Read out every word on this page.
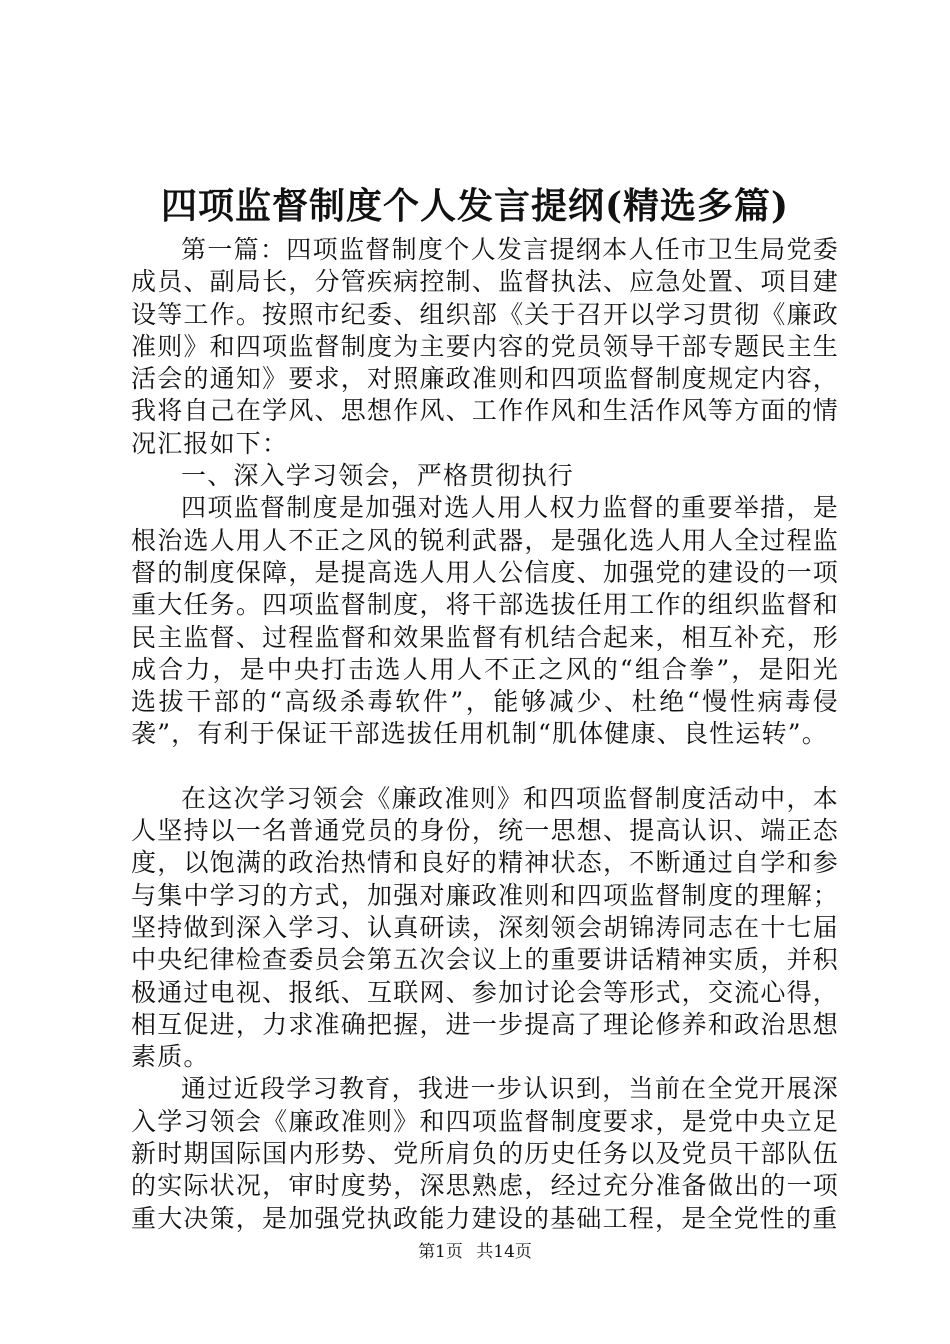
四项监督制度个人发言提纲(精选多篇)

第一篇：四项监督制度个人发言提纲本人任市卫生局党委成员、副局长，分管疾病控制、监督执法、应急处置、项目建设等工作。按照市纪委、组织部《关于召开以学习贯彻《廉政准则》和四项监督制度为主要内容的党员领导干部专题民主生活会的通知》要求，对照廉政准则和四项监督制度规定内容，我将自己在学风、思想作风、工作作风和生活作风等方面的情况汇报如下：

一、深入学习领会，严格贯彻执行

四项监督制度是加强对选人用人权力监督的重要举措，是根治选人用人不正之风的锐利武器，是强化选人用人全过程监督的制度保障，是提高选人用人公信度、加强党的建设的一项重大任务。四项监督制度，将干部选拔任用工作的组织监督和民主监督、过程监督和效果监督有机结合起来，相互补充，形成合力，是中央打击选人用人不正之风的“组合拳”，是阳光选拔干部的“高级杀毒软件”，能够减少、杜绝“慢性病毒侵袭”，有利于保证干部选拔任用机制“肌体健康、良性运转”。

在这次学习领会《廉政准则》和四项监督制度活动中，本人坚持以一名普通党员的身份，统一思想、提高认识、端正态度，以饱满的政治热情和良好的精神状态，不断通过自学和参与集中学习的方式，加强对廉政准则和四项监督制度的理解；坚持做到深入学习、认真研读，深刻领会胡锦涛同志在十七届中央纪律检查委员会第五次会议上的重要讲话精神实质，并积极通过电视、报纸、互联网、参加讨论会等形式，交流心得，相互促进，力求准确把握，进一步提高了理论修养和政治思想素质。

通过近段学习教育，我进一步认识到，当前在全党开展深入学习领会《廉政准则》和四项监督制度要求，是党中央立足新时期国际国内形势、党所肩负的历史任务以及党员干部队伍的实际状况，审时度势，深思熟虑，经过充分准备做出的一项重大决策，是加强党执政能力建设的基础工程，是全党性的重

第1页 共14页
